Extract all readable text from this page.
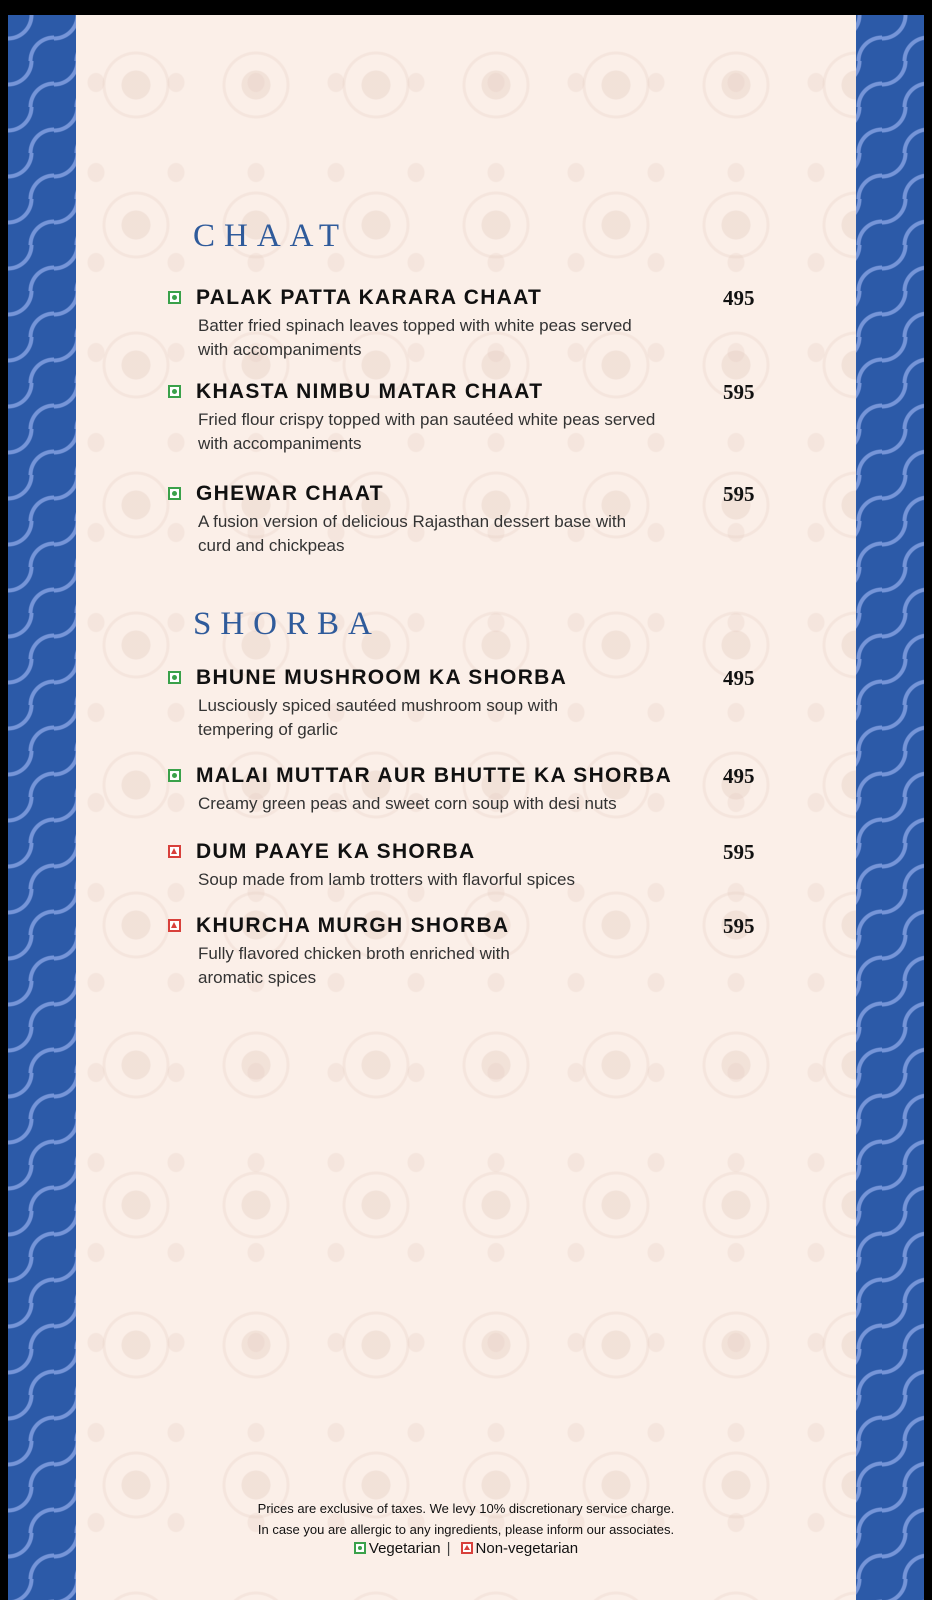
CHAAT
PALAK PATTA KARARA CHAAT	495
Batter fried spinach leaves topped with white peas served with accompaniments
KHASTA NIMBU MATAR CHAAT	595
Fried flour crispy topped with pan sautéed white peas served with accompaniments
GHEWAR CHAAT	595
A fusion version of delicious Rajasthan dessert base with curd and chickpeas
SHORBA
BHUNE MUSHROOM KA SHORBA	495
Lusciously spiced sautéed mushroom soup with tempering of garlic
MALAI MUTTAR AUR BHUTTE KA SHORBA 495
Creamy green peas and sweet corn soup with desi nuts
DUM PAAYE KA SHORBA	595
Soup made from lamb trotters with flavorful spices
KHURCHA MURGH SHORBA	595
Fully flavored chicken broth enriched with aromatic spices
Prices are exclusive of taxes. We levy 10% discretionary service charge.
In case you are allergic to any ingredients, please inform our associates.
Vegetarian | Non-vegetarian
